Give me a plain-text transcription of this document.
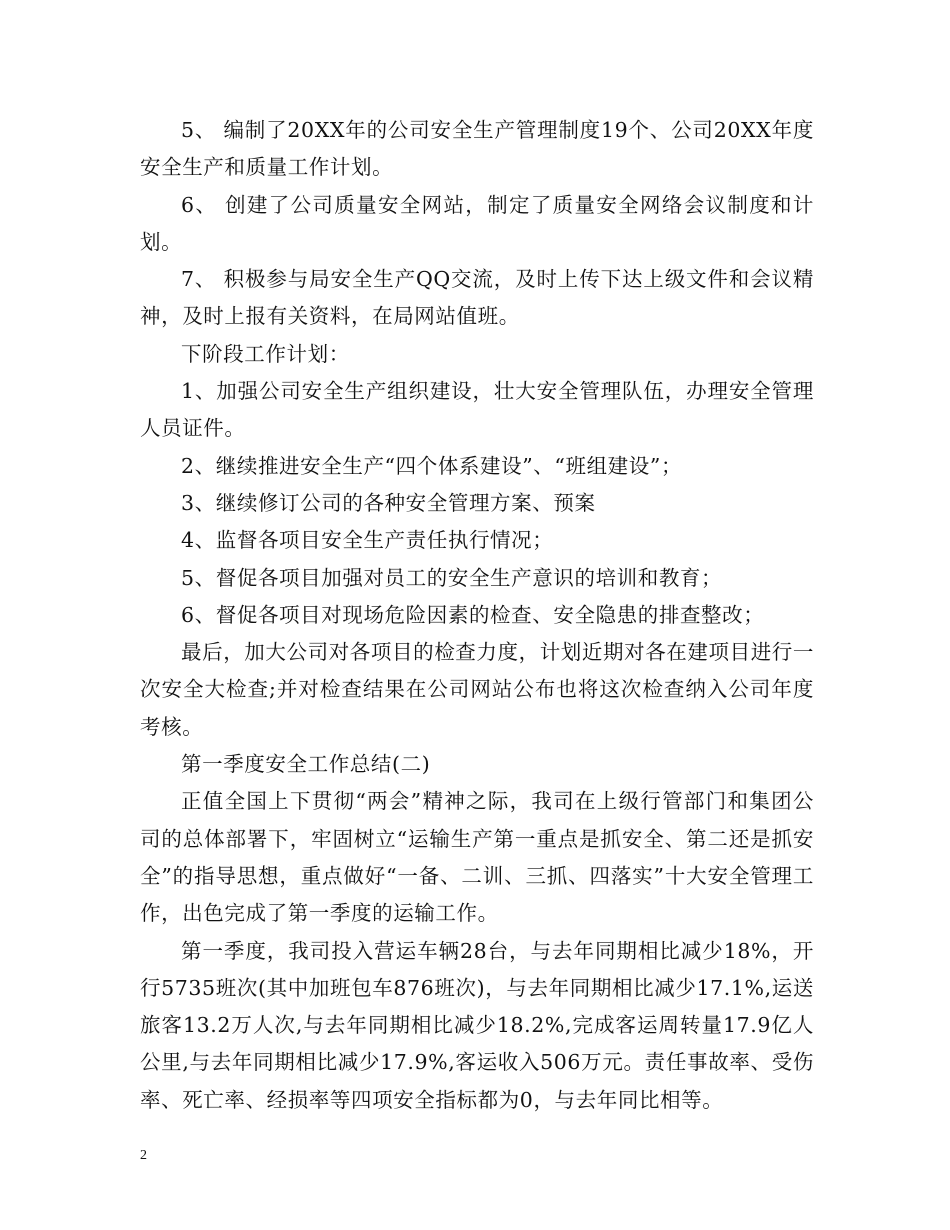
5、 编制了20XX年的公司安全生产管理制度19个、公司20XX年度安全生产和质量工作计划。

6、 创建了公司质量安全网站，制定了质量安全网络会议制度和计划。

7、 积极参与局安全生产QQ交流，及时上传下达上级文件和会议精神，及时上报有关资料，在局网站值班。

下阶段工作计划：

1、加强公司安全生产组织建设，壮大安全管理队伍，办理安全管理人员证件。

2、继续推进安全生产“四个体系建设”、“班组建设”；

3、继续修订公司的各种安全管理方案、预案

4、监督各项目安全生产责任执行情况；

5、督促各项目加强对员工的安全生产意识的培训和教育；

6、督促各项目对现场危险因素的检查、安全隐患的排查整改；

最后，加大公司对各项目的检查力度，计划近期对各在建项目进行一次安全大检查;并对检查结果在公司网站公布也将这次检查纳入公司年度考核。

第一季度安全工作总结(二)

正值全国上下贯彻“两会”精神之际，我司在上级行管部门和集团公司的总体部署下，牢固树立“运输生产第一重点是抓安全、第二还是抓安全”的指导思想，重点做好“一备、二训、三抓、四落实”十大安全管理工作，出色完成了第一季度的运输工作。

第一季度，我司投入营运车辆28台，与去年同期相比减少18%，开行5735班次(其中加班包车876班次)，与去年同期相比减少17.1%,运送旅客13.2万人次,与去年同期相比减少18.2%,完成客运周转量17.9亿人公里,与去年同期相比减少17.9%,客运收入506万元。责任事故率、受伤率、死亡率、经损率等四项安全指标都为0，与去年同比相等。

2
